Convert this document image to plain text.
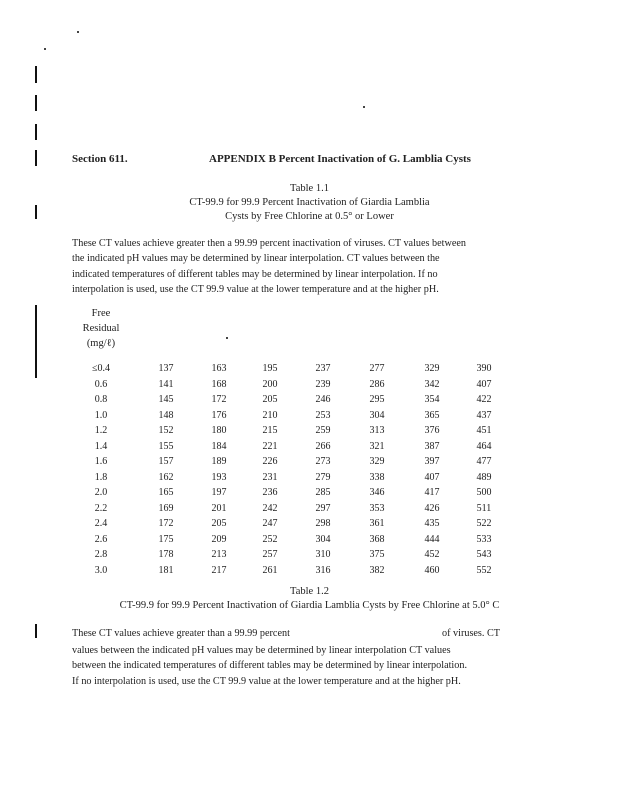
Section 611.	APPENDIX B Percent Inactivation of G. Lamblia Cysts
Table 1.1
CT-99.9 for 99.9 Percent Inactivation of Giardia Lamblia
Cysts by Free Chlorine at 0.5° or Lower
These CT values achieve greater then a 99.99 percent inactivation of viruses. CT values between
the indicated pH values may be determined by linear interpolation. CT values between the
indicated temperatures of different tables may be determined by linear interpolation. If no
interpolation is used, use the CT 99.9 value at the lower temperature and at the higher pH.
Free
Residual
(mg/ℓ)
≤0.4	137	163	195	237	277	329	390
0.6	141	168	200	239	286	342	407
0.8	145	172	205	246	295	354	422
1.0	148	176	210	253	304	365	437
1.2	152	180	215	259	313	376	451
1.4	155	184	221	266	321	387	464
1.6	157	189	226	273	329	397	477
1.8	162	193	231	279	338	407	489
2.0	165	197	236	285	346	417	500
2.2	169	201	242	297	353	426	511
2.4	172	205	247	298	361	435	522
2.6	175	209	252	304	368	444	533
2.8	178	213	257	310	375	452	543
3.0	181	217	261	316	382	460	552
Table 1.2
CT-99.9 for 99.9 Percent Inactivation of Giardia Lamblia Cysts by Free Chlorine at 5.0° C
These CT values achieve greater than a 99.99 percent	of viruses. CT
values between the indicated pH values may be determined by linear interpolation CT values
between the indicated temperatures of different tables may be determined by linear interpolation.
If no interpolation is used, use the CT 99.9 value at the lower temperature and at the higher pH.
